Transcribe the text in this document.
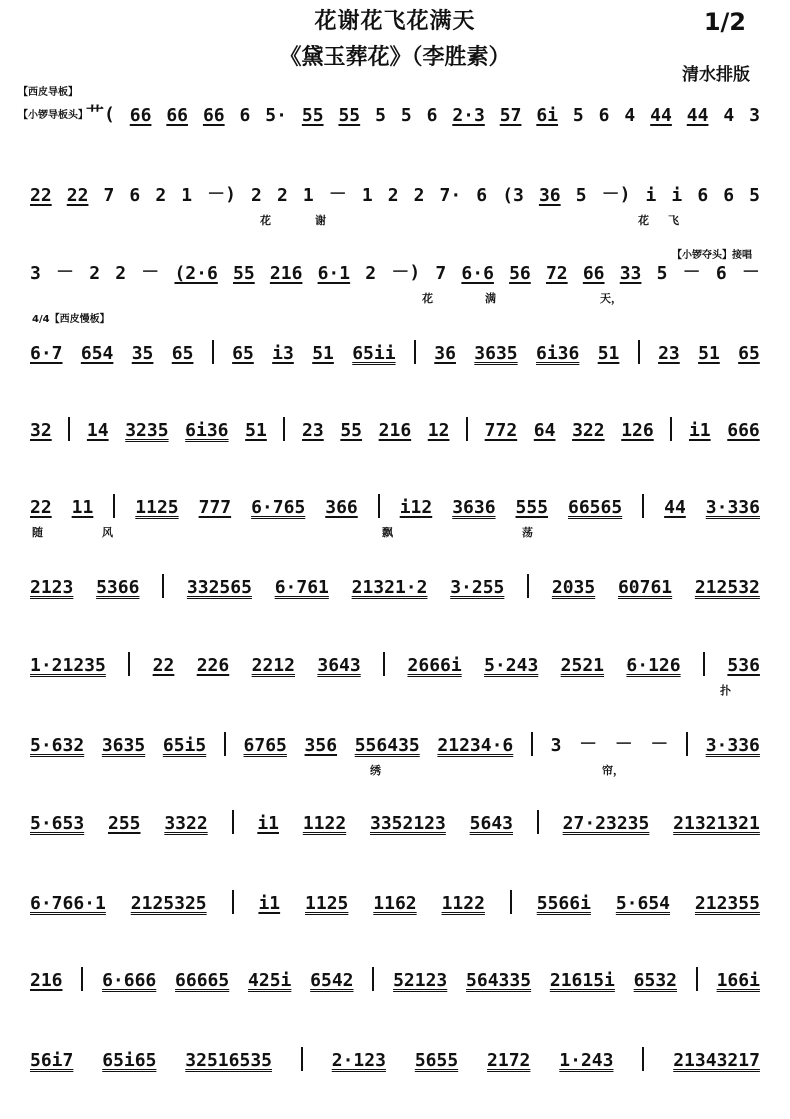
花谢花飞花满天
《黛玉葬花》（李胜素）
1/2
清水排版
【西皮导板】
【小锣导板头】
【小锣夺头】接唱
4/4【西皮慢板】
艹( 66 66 66 6 5· 55 55 5 5 6 2·3 57 6i 5 6 4 44 44 4 3
22 22 7 6 2 1 －) 2 2 1 － 1 2 2 7· 6 (3 36 5 －) i i 6 6 5
花	谢	花 飞
3 － 2 2 － (2·6 55 216 6·1 2 －) 7 6·6 56 72 66 33 5 － 6 －
花	满	天，
6·7 654 35 65 65 i3 51 65ii 36 3635 6i36 51 23 51 65
32 14 3235 6i36 51 23 55 216 12 772 64 322 126 i1 666
22 11 1125 777 6·765 366 i12 3636 555 66565 44 3·336
随	风	飘	荡
2123 5366	332565 6·761 21321·2 3·255	2035 60761 212532
1·21235	22 226 2212 3643	2666i 5·243 2521 6·126	536
扑
5·632 3635 65i5 6765 356 556435 21234·6 3 － － － 3·336
绣	帘，
5·653 255 3322	i1 1122 3352123 5643	27·23235 21321321
6·766·1 2125325	i1 1125 1162 1122	5566i 5·654 212355
216 6·666 66665 425i 6542 52123 564335 21615i 6532 166i
56i7 65i65 32516535	2·123 5655 2172 1·243	21343217
